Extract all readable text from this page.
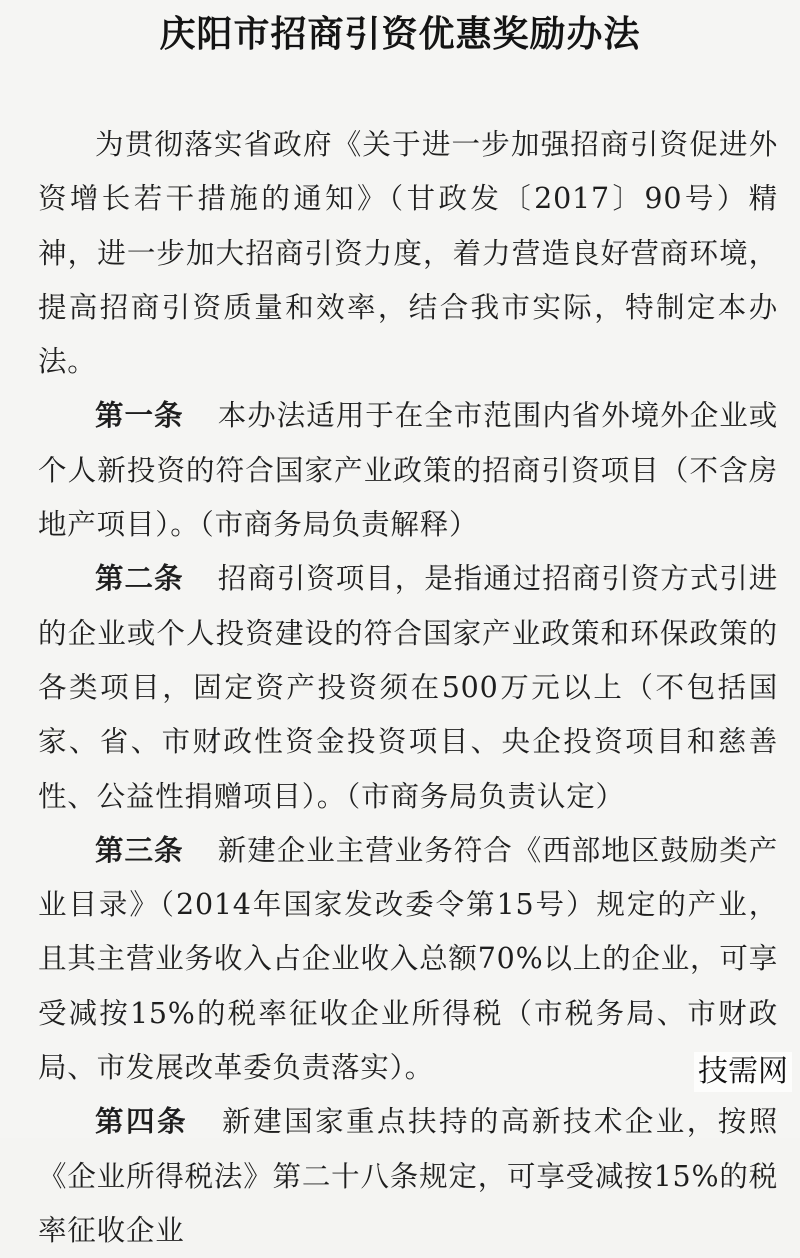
庆阳市招商引资优惠奖励办法

为贯彻落实省政府《关于进一步加强招商引资促进外资增长若干措施的通知》（甘政发〔2017〕90号）精神，进一步加大招商引资力度，着力营造良好营商环境，提高招商引资质量和效率，结合我市实际，特制定本办法。

第一条 本办法适用于在全市范围内省外境外企业或个人新投资的符合国家产业政策的招商引资项目（不含房地产项目）。（市商务局负责解释）

第二条 招商引资项目，是指通过招商引资方式引进的企业或个人投资建设的符合国家产业政策和环保政策的各类项目，固定资产投资须在500万元以上（不包括国家、省、市财政性资金投资项目、央企投资项目和慈善性、公益性捐赠项目）。（市商务局负责认定）

第三条 新建企业主营业务符合《西部地区鼓励类产业目录》（2014年国家发改委令第15号）规定的产业，且其主营业务收入占企业收入总额70%以上的企业，可享受减按15%的税率征收企业所得税（市税务局、市财政局、市发展改革委负责落实）。

第四条 新建国家重点扶持的高新技术企业，按照《企业所得税法》第二十八条规定，可享受减按15%的税率征收企业

技需网
